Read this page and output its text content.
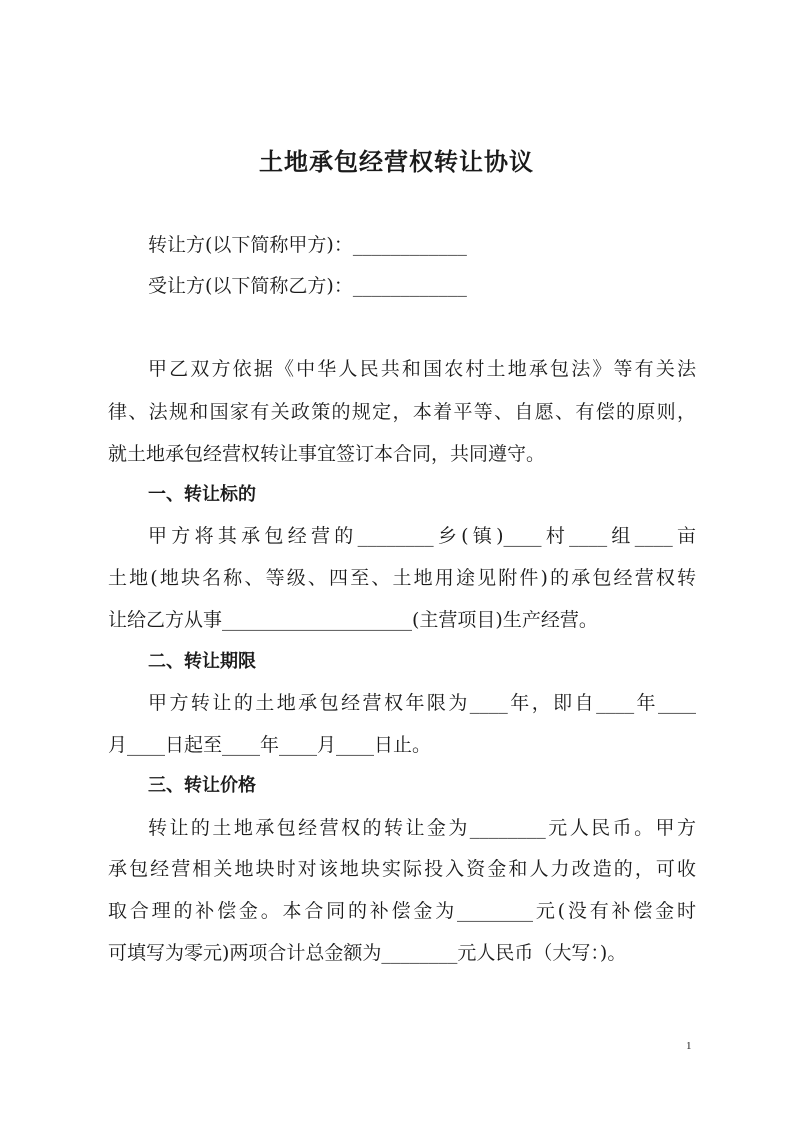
土地承包经营权转让协议

转让方(以下简称甲方)：____________

受让方(以下简称乙方)：____________

甲乙双方依据《中华人民共和国农村土地承包法》等有关法

律、法规和国家有关政策的规定，本着平等、自愿、有偿的原则，

就土地承包经营权转让事宜签订本合同，共同遵守。

一、转让标的

甲方将其承包经营的________乡(镇)____村____组____亩

土地(地块名称、等级、四至、土地用途见附件)的承包经营权转

让给乙方从事____________________(主营项目)生产经营。

二、转让期限

甲方转让的土地承包经营权年限为____年，即自____年____

月____日起至____年____月____日止。

三、转让价格

转让的土地承包经营权的转让金为________元人民币。甲方

承包经营相关地块时对该地块实际投入资金和人力改造的，可收

取合理的补偿金。本合同的补偿金为________元(没有补偿金时

可填写为零元)两项合计总金额为________元人民币（大写：)。

1
